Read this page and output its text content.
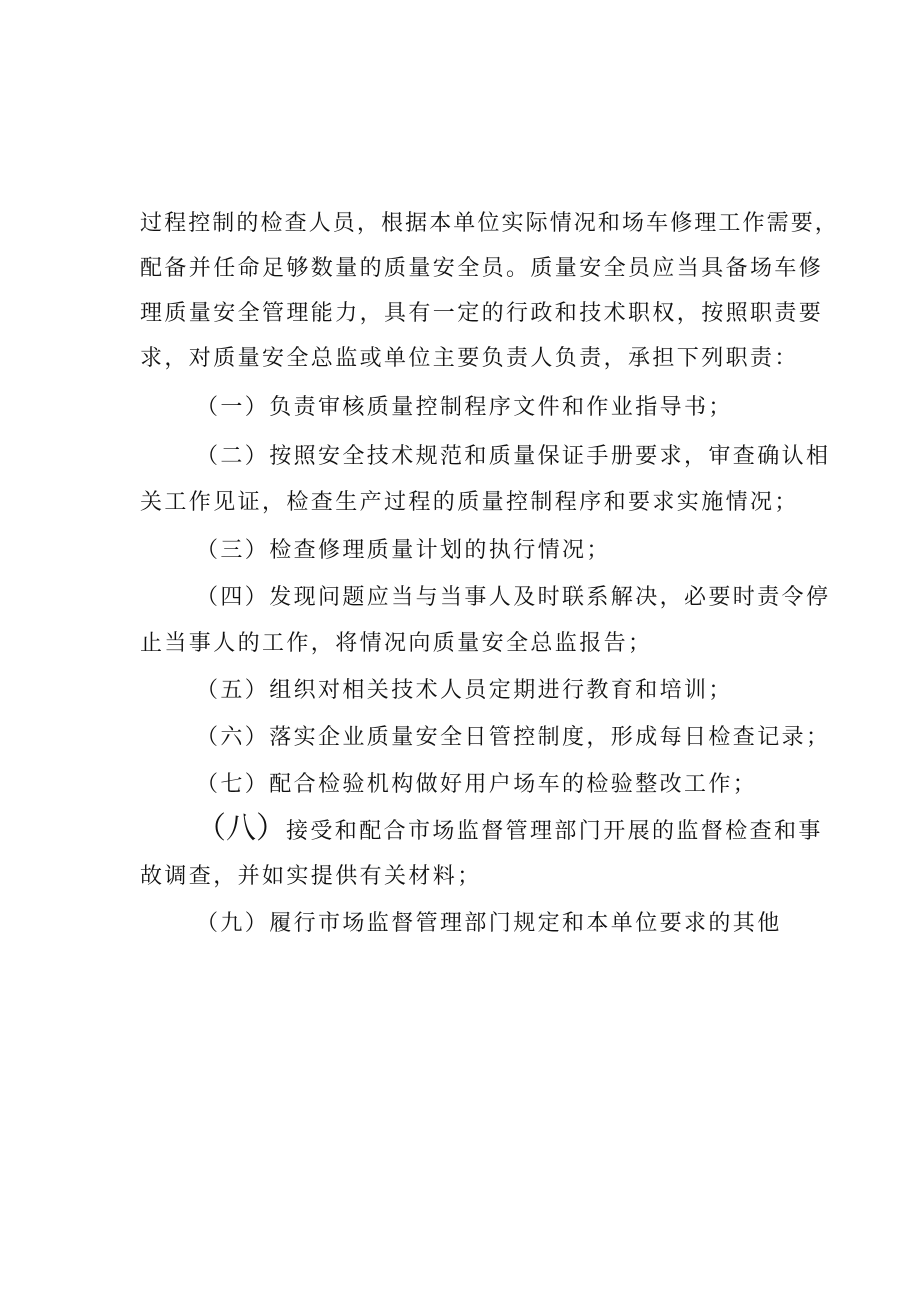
过程控制的检查人员，根据本单位实际情况和场车修理工作需要，
配备并任命足够数量的质量安全员。质量安全员应当具备场车修
理质量安全管理能力，具有一定的行政和技术职权，按照职责要
求，对质量安全总监或单位主要负责人负责，承担下列职责：
（一）负责审核质量控制程序文件和作业指导书；
（二）按照安全技术规范和质量保证手册要求，审查确认相
关工作见证，检查生产过程的质量控制程序和要求实施情况；
（三）检查修理质量计划的执行情况；
（四）发现问题应当与当事人及时联系解决，必要时责令停
止当事人的工作，将情况向质量安全总监报告；
（五）组织对相关技术人员定期进行教育和培训；
（六）落实企业质量安全日管控制度，形成每日检查记录；
（七）配合检验机构做好用户场车的检验整改工作；
（八）接受和配合市场监督管理部门开展的监督检查和事
故调查，并如实提供有关材料；
（九）履行市场监督管理部门规定和本单位要求的其他
